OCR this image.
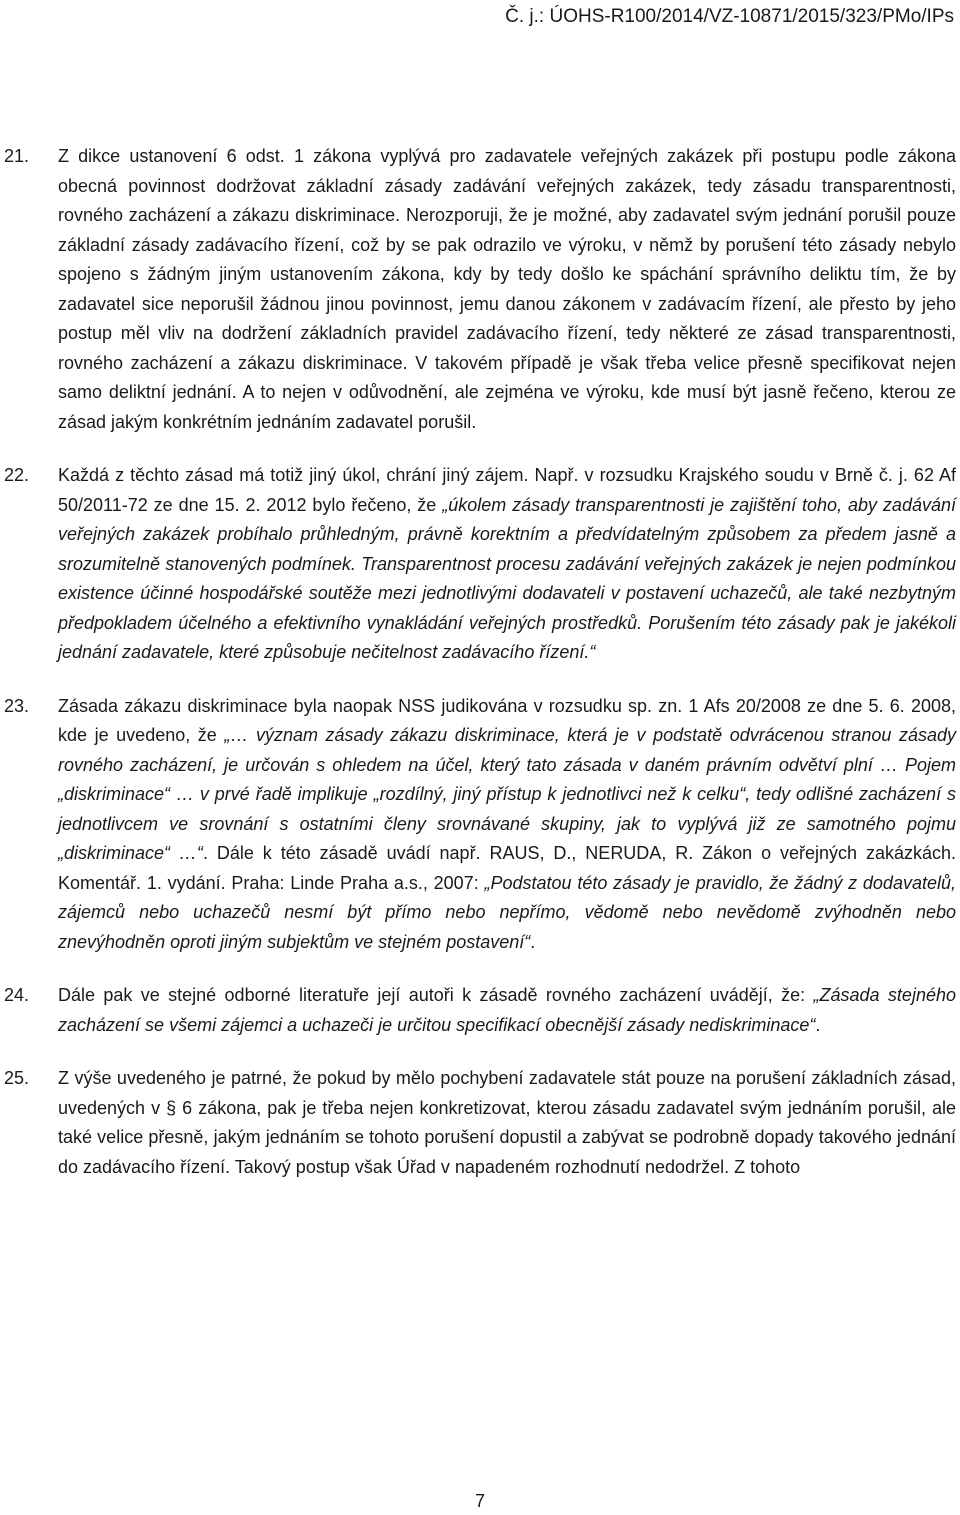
Č. j.: ÚOHS-R100/2014/VZ-10871/2015/323/PMo/IPs
21.	Z dikce ustanovení 6 odst. 1 zákona vyplývá pro zadavatele veřejných zakázek při postupu podle zákona obecná povinnost dodržovat základní zásady zadávání veřejných zakázek, tedy zásadu transparentnosti, rovného zacházení a zákazu diskriminace. Nerozporuji, že je možné, aby zadavatel svým jednání porušil pouze základní zásady zadávacího řízení, což by se pak odrazilo ve výroku, v němž by porušení této zásady nebylo spojeno s žádným jiným ustanovením zákona, kdy by tedy došlo ke spáchání správního deliktu tím, že by zadavatel sice neporušil žádnou jinou povinnost, jemu danou zákonem v zadávacím řízení, ale přesto by jeho postup měl vliv na dodržení základních pravidel zadávacího řízení, tedy některé ze zásad transparentnosti, rovného zacházení a zákazu diskriminace. V takovém případě je však třeba velice přesně specifikovat nejen samo deliktní jednání. A to nejen v odůvodnění, ale zejména ve výroku, kde musí být jasně řečeno, kterou ze zásad jakým konkrétním jednáním zadavatel porušil.
22.	Každá z těchto zásad má totiž jiný úkol, chrání jiný zájem. Např. v rozsudku Krajského soudu v Brně č. j. 62 Af 50/2011-72 ze dne 15. 2. 2012 bylo řečeno, že „úkolem zásady transparentnosti je zajištění toho, aby zadávání veřejných zakázek probíhalo průhledným, právně korektním a předvídatelným způsobem za předem jasně a srozumitelně stanovených podmínek. Transparentnost procesu zadávání veřejných zakázek je nejen podmínkou existence účinné hospodářské soutěže mezi jednotlivými dodavateli v postavení uchazečů, ale také nezbytným předpokladem účelného a efektivního vynakládání veřejných prostředků. Porušením této zásady pak je jakékoli jednání zadavatele, které způsobuje nečitelnost zadávacího řízení.“
23.	Zásada zákazu diskriminace byla naopak NSS judikována v rozsudku sp. zn. 1 Afs 20/2008 ze dne 5. 6. 2008, kde je uvedeno, že „… význam zásady zákazu diskriminace, která je v podstatě odvrácenou stranou zásady rovného zacházení, je určován s ohledem na účel, který tato zásada v daném právním odvětví plní … Pojem „diskriminace“ … v prvé řadě implikuje „rozdílný, jiný přístup k jednotlivci než k celku“, tedy odlišné zacházení s jednotlivcem ve srovnání s ostatními členy srovnávané skupiny, jak to vyplývá již ze samotného pojmu „diskriminace“ …“. Dále k této zásadě uvádí např. RAUS, D., NERUDA, R. Zákon o veřejných zakázkách. Komentář. 1. vydání. Praha: Linde Praha a.s., 2007: „Podstatou této zásady je pravidlo, že žádný z dodavatelů, zájemců nebo uchazečů nesmí být přímo nebo nepřímo, vědomě nebo nevědomě zvýhodněn nebo znevýhodněn oproti jiným subjektům ve stejném postavení“.
24.	Dále pak ve stejné odborné literatuře její autoři k zásadě rovného zacházení uvádějí, že: „Zásada stejného zacházení se všemi zájemci a uchazeči je určitou specifikací obecnější zásady nediskriminace“.
25.	Z výše uvedeného je patrné, že pokud by mělo pochybení zadavatele stát pouze na porušení základních zásad, uvedených v § 6 zákona, pak je třeba nejen konkretizovat, kterou zásadu zadavatel svým jednáním porušil, ale také velice přesně, jakým jednáním se tohoto porušení dopustil a zabývat se podrobně dopady takového jednání do zadávacího řízení. Takový postup však Úřad v napadeném rozhodnutí nedodržel. Z tohoto
7
